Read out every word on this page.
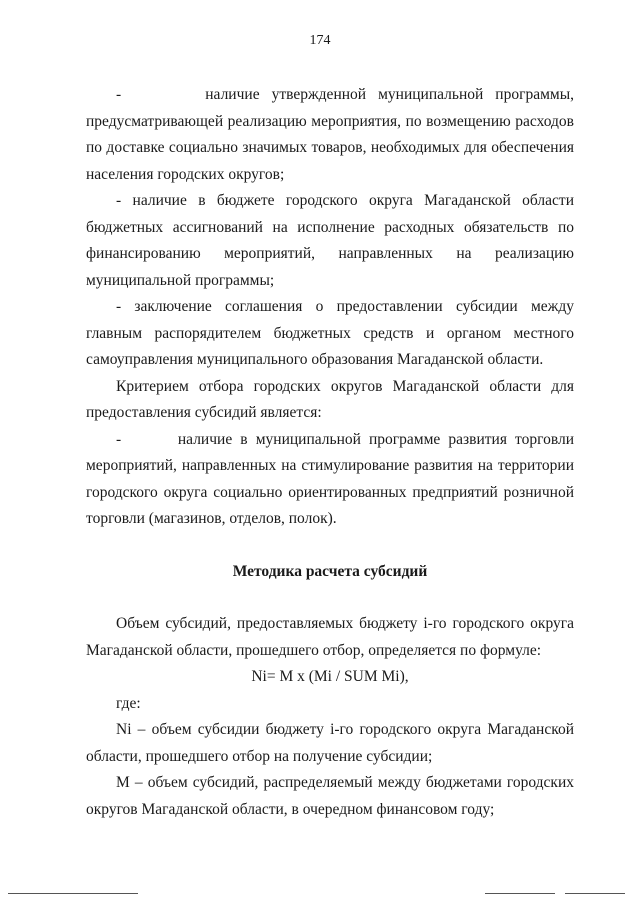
174

-       наличие утвержденной муниципальной программы, предусматривающей реализацию мероприятия, по возмещению расходов по доставке социально значимых товаров, необходимых для обеспечения населения городских округов;

- наличие в бюджете городского округа Магаданской области бюджетных ассигнований на исполнение расходных обязательств по финансированию мероприятий, направленных на реализацию муниципальной программы;

- заключение соглашения о предоставлении субсидии между главным распорядителем бюджетных средств и органом местного самоуправления муниципального образования Магаданской области.

Критерием отбора городских округов Магаданской области для предоставления субсидий является:

-       наличие в муниципальной программе развития торговли мероприятий, направленных на стимулирование развития на территории городского округа социально ориентированных предприятий розничной торговли (магазинов, отделов, полок).

Методика расчета субсидий

Объем субсидий, предоставляемых бюджету i-го городского округа Магаданской области, прошедшего отбор, определяется по формуле:

Ni= M x (Mi / SUM Mi),

где:

Ni – объем субсидии бюджету i-го городского округа Магаданской области, прошедшего отбор на получение субсидии;

M – объем субсидий, распределяемый между бюджетами городских округов Магаданской области, в очередном финансовом году;
